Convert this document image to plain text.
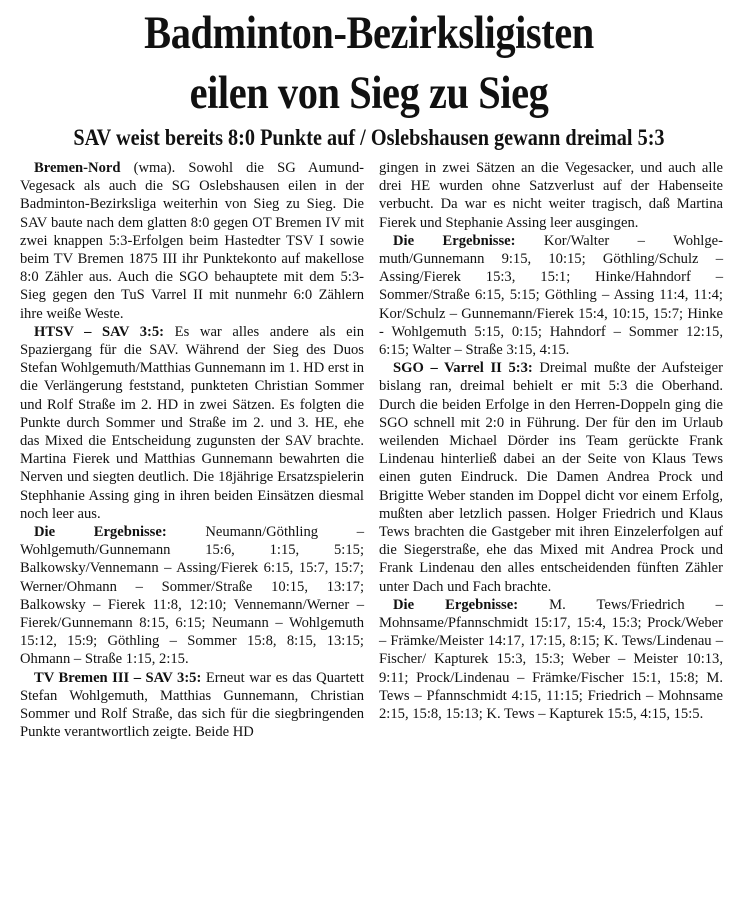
Badminton-Bezirksligisten
eilen von Sieg zu Sieg
SAV weist bereits 8:0 Punkte auf / Oslebshausen gewann dreimal 5:3

Bremen-Nord (wma). Sowohl die SG Aumund-Vegesack als auch die SG Oslebshausen eilen in der Badminton-Bezirksliga weiterhin von Sieg zu Sieg. Die SAV baute nach dem glatten 8:0 gegen OT Bremen IV mit zwei knappen 5:3-Erfolgen beim Hastedter TSV I sowie beim TV Bremen 1875 III ihr Punktekonto auf makellose 8:0 Zähler aus. Auch die SGO behauptete mit dem 5:3-Sieg gegen den TuS Varrel II mit nunmehr 6:0 Zählern ihre weiße Weste.

HTSV – SAV 3:5: Es war alles andere als ein Spaziergang für die SAV. Während der Sieg des Duos Stefan Wohlgemuth/Matthias Gunnemann im 1. HD erst in die Verlängerung feststand, punkteten Christian Sommer und Rolf Straße im 2. HD in zwei Sätzen. Es folgten die Punkte durch Sommer und Straße im 2. und 3. HE, ehe das Mixed die Entscheidung zugunsten der SAV brachte. Martina Fierek und Matthias Gunnemann bewahrten die Nerven und siegten deutlich. Die 18jährige Ersatzspielerin Stephhanie Assing ging in ihren beiden Einsätzen diesmal noch leer aus.

Die Ergebnisse: Neumann/Göthling – Wohlgemuth/Gunnemann 15:6, 1:15, 5:15; Balkowsky/Vennemann – Assing/Fierek 6:15, 15:7, 15:7; Werner/Ohmann – Sommer/Straße 10:15, 13:17; Balkowsky – Fierek 11:8, 12:10; Vennemann/Werner – Fierek/Gunnemann 8:15, 6:15; Neumann – Wohlgemuth 15:12, 15:9; Göthling – Sommer 15:8, 8:15, 13:15; Ohmann – Straße 1:15, 2:15.

TV Bremen III – SAV 3:5: Erneut war es das Quartett Stefan Wohlgemuth, Matthias Gunnemann, Christian Sommer und Rolf Straße, das sich für die siegbringenden Punkte verantwortlich zeigte. Beide HD

gingen in zwei Sätzen an die Vegesacker, und auch alle drei HE wurden ohne Satzverlust auf der Habenseite verbucht. Da war es nicht weiter tragisch, daß Martina Fierek und Stephanie Assing leer ausgingen.

Die Ergebnisse: Kor/Walter – Wohlgemuth/Gunnemann 9:15, 10:15; Göthling/Schulz – Assing/Fierek 15:3, 15:1; Hinke/Hahndorf – Sommer/Straße 6:15, 5:15; Göthling – Assing 11:4, 11:4; Kor/Schulz – Gunnemann/Fierek 15:4, 10:15, 15:7; Hinke - Wohlgemuth 5:15, 0:15; Hahndorf – Sommer 12:15, 6:15; Walter – Straße 3:15, 4:15.

SGO – Varrel II 5:3: Dreimal mußte der Aufsteiger bislang ran, dreimal behielt er mit 5:3 die Oberhand. Durch die beiden Erfolge in den Herren-Doppeln ging die SGO schnell mit 2:0 in Führung. Der für den im Urlaub weilenden Michael Dörder ins Team gerückte Frank Lindenau hinterließ dabei an der Seite von Klaus Tews einen guten Eindruck. Die Damen Andrea Prock und Brigitte Weber standen im Doppel dicht vor einem Erfolg, mußten aber letzlich passen. Holger Friedrich und Klaus Tews brachten die Gastgeber mit ihren Einzelerfolgen auf die Siegerstraße, ehe das Mixed mit Andrea Prock und Frank Lindenau den alles entscheidenden fünften Zähler unter Dach und Fach brachte.

Die Ergebnisse: M. Tews/Friedrich – Mohnsame/Pfannschmidt 15:17, 15:4, 15:3; Prock/Weber – Främke/Meister 14:17, 17:15, 8:15; K. Tews/Lindenau – Fischer/ Kapturek 15:3, 15:3; Weber – Meister 10:13, 9:11; Prock/Lindenau – Främke/Fischer 15:1, 15:8; M. Tews – Pfannschmidt 4:15, 11:15; Friedrich – Mohnsame 2:15, 15:8, 15:13; K. Tews – Kapturek 15:5, 4:15, 15:5.
